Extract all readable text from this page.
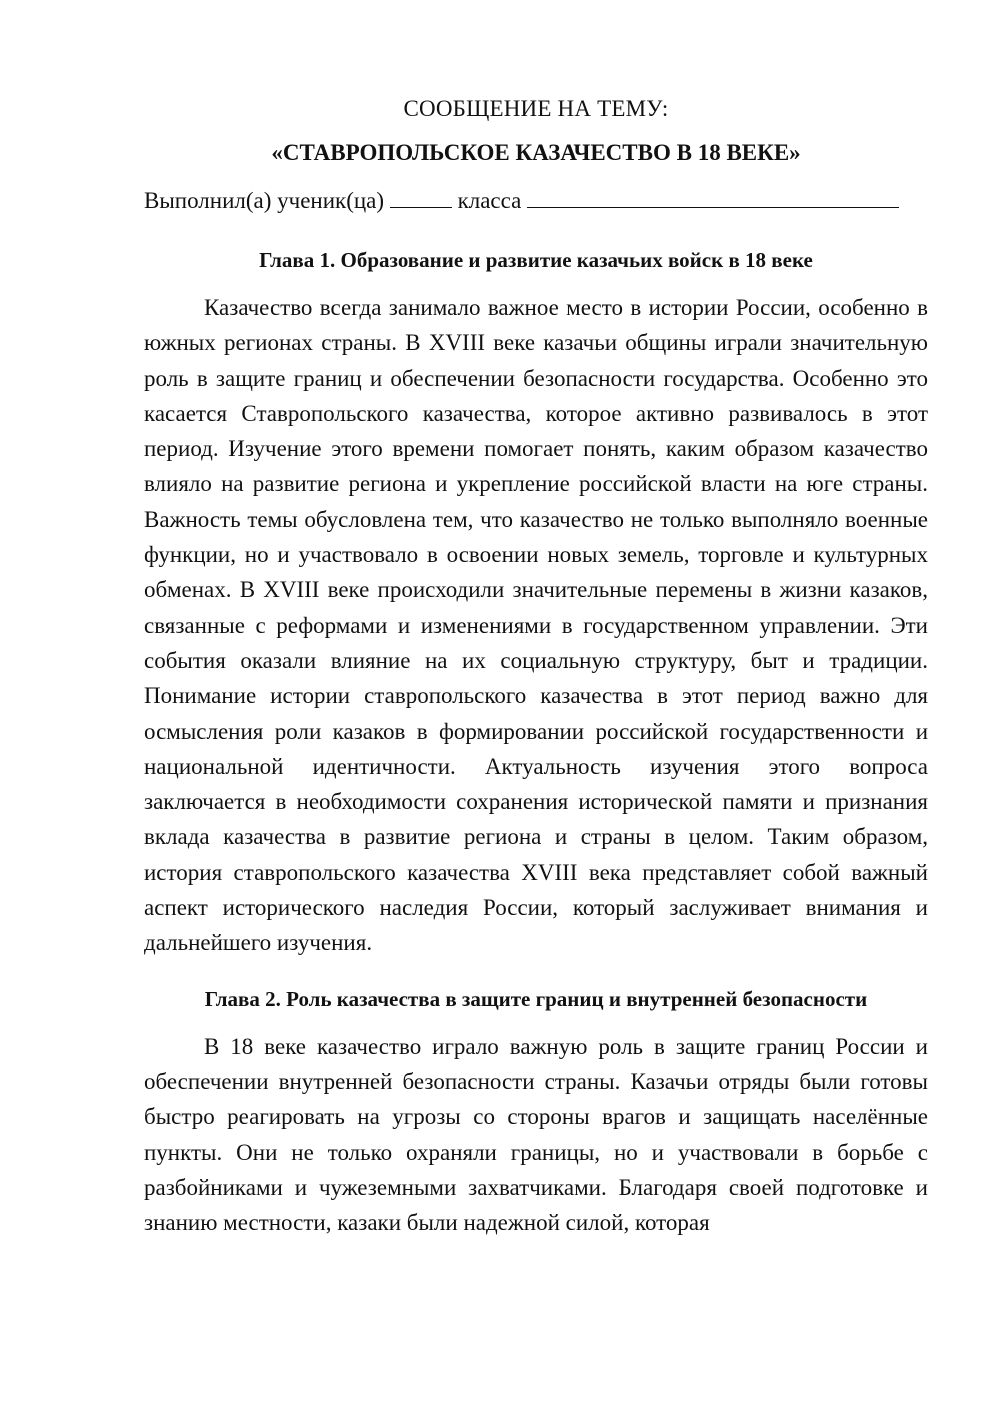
СООБЩЕНИЕ НА ТЕМУ:
«СТАВРОПОЛЬСКОЕ КАЗАЧЕСТВО В 18 ВЕКЕ»
Выполнил(а) ученик(ца)	класса
Глава 1. Образование и развитие казачьих войск в 18 веке

Казачество всегда занимало важное место в истории России, особенно в южных регионах страны. В XVIII веке казачьи общины играли значительную роль в защите границ и обеспечении безопасности государства. Особенно это касается Ставропольского казачества, которое активно развивалось в этот период. Изучение этого времени помогает понять, каким образом казачество влияло на развитие региона и укрепление российской власти на юге страны. Важность темы обусловлена тем, что казачество не только выполняло военные функции, но и участвовало в освоении новых земель, торговле и культурных обменах. В XVIII веке происходили значительные перемены в жизни казаков, связанные с реформами и изменениями в государственном управлении. Эти события оказали влияние на их социальную структуру, быт и традиции. Понимание истории ставропольского казачества в этот период важно для осмысления роли казаков в формировании российской государственности и национальной идентичности. Актуальность изучения этого вопроса заключается в необходимости сохранения исторической памяти и признания вклада казачества в развитие региона и страны в целом. Таким образом, история ставропольского казачества XVIII века представляет собой важный аспект исторического наследия России, который заслуживает внимания и дальнейшего изучения.

Глава 2. Роль казачества в защите границ и внутренней безопасности

В 18 веке казачество играло важную роль в защите границ России и обеспечении внутренней безопасности страны. Казачьи отряды были готовы быстро реагировать на угрозы со стороны врагов и защищать населённые пункты. Они не только охраняли границы, но и участвовали в борьбе с разбойниками и чужеземными захватчиками. Благодаря своей подготовке и знанию местности, казаки были надежной силой, которая
